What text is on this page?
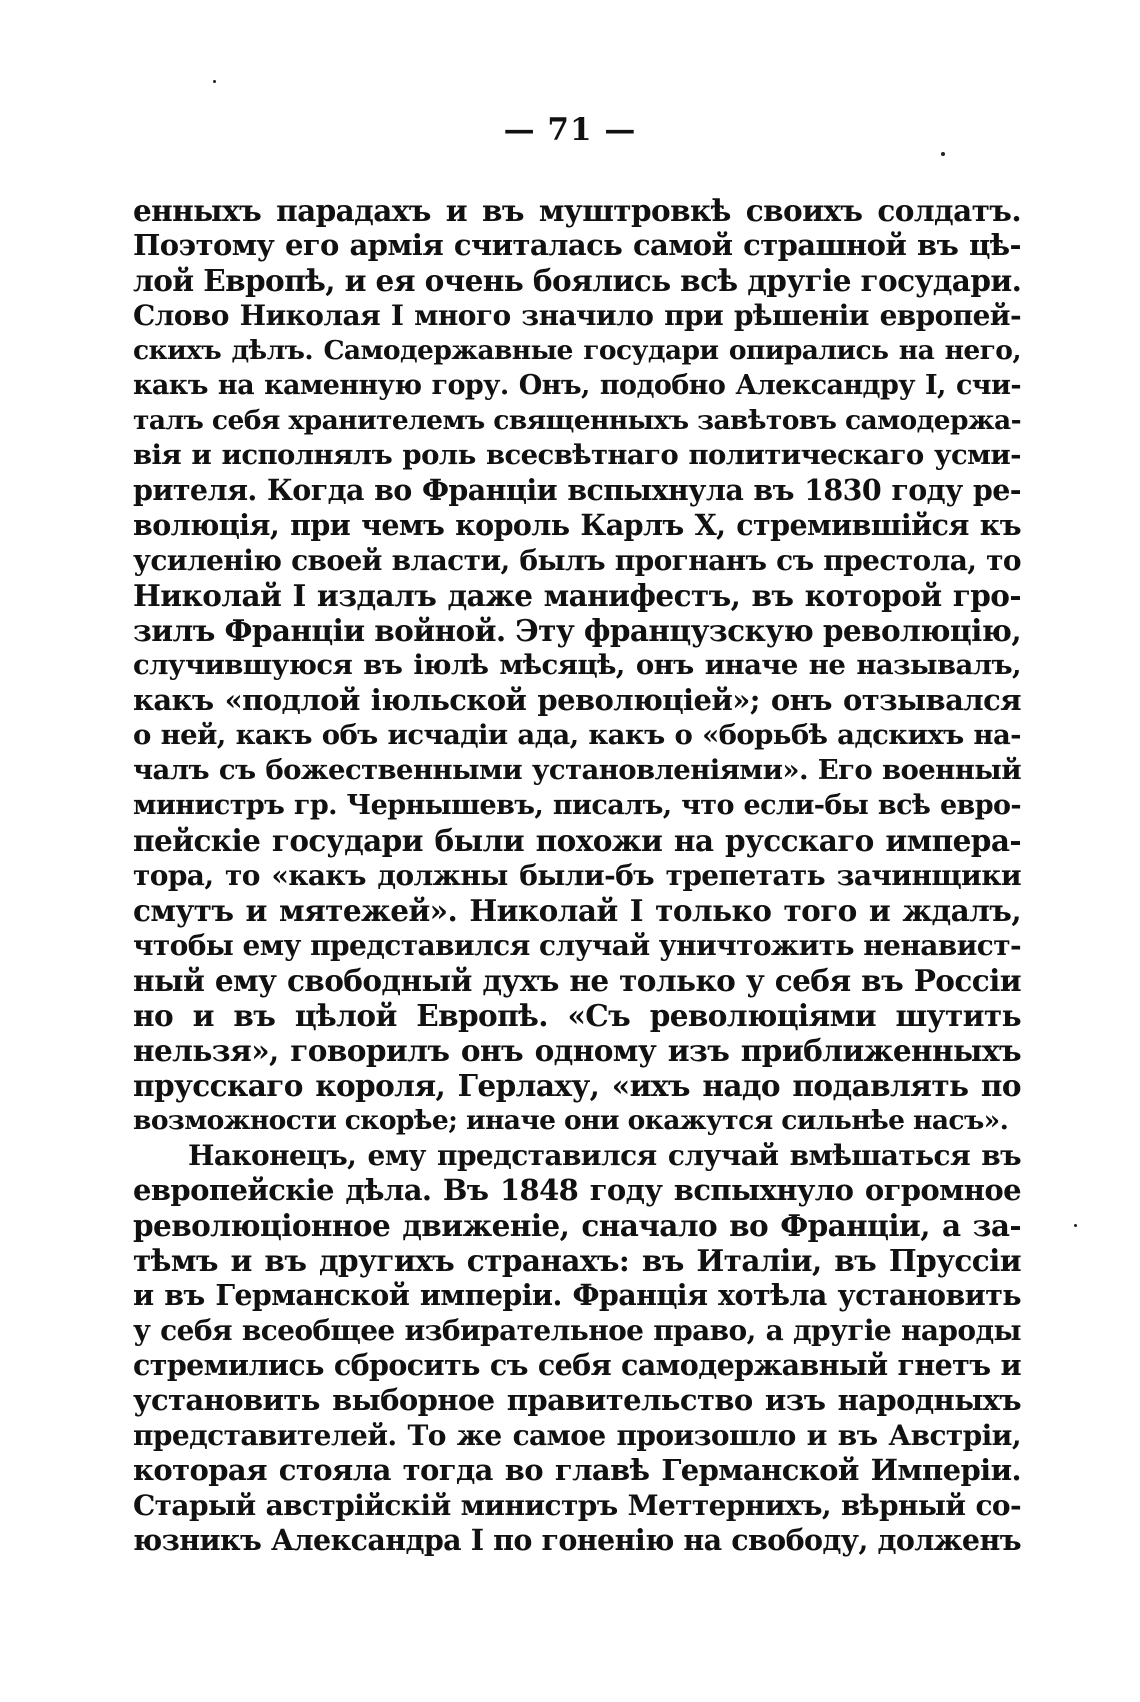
— 71 —
енныхъ парадахъ и въ муштровкѣ своихъ солдатъ.
Поэтому его армія считалась самой страшной въ цѣ-
лой Европѣ, и ея очень боялись всѣ другіе государи.
Слово Николая I много значило при рѣшеніи европей-
скихъ дѣлъ. Самодержавные государи опирались на него,
какъ на каменную гору. Онъ, подобно Александру I, счи-
талъ себя хранителемъ священныхъ завѣтовъ самодержа-
вія и исполнялъ роль всесвѣтнаго политическаго усми-
рителя. Когда во Франціи вспыхнула въ 1830 году ре-
волюція, при чемъ король Карлъ X, стремившійся къ
усиленію своей власти, былъ прогнанъ съ престола, то
Николай I издалъ даже манифестъ, въ которой гро-
зилъ Франціи войной. Эту французскую революцію,
случившуюся въ іюлѣ мѣсяцѣ, онъ иначе не называлъ,
какъ «подлой іюльской революціей»; онъ отзывался
о ней, какъ объ исчадіи ада, какъ о «борьбѣ адскихъ на-
чалъ съ божественными установленіями». Его военный
министръ гр. Чернышевъ, писалъ, что если-бы всѣ евро-
пейскіе государи были похожи на русскаго импера-
тора, то «какъ должны были-бъ трепетать зачинщики
смутъ и мятежей». Николай I только того и ждалъ,
чтобы ему представился случай уничтожить ненавист-
ный ему свободный духъ не только у себя въ Россіи
но и въ цѣлой Европѣ. «Съ революціями шутить
нельзя», говорилъ онъ одному изъ приближенныхъ
прусскаго короля, Герлаху, «ихъ надо подавлять по
возможности скорѣе; иначе они окажутся сильнѣе насъ».
Наконецъ, ему представился случай вмѣшаться въ
европейскіе дѣла. Въ 1848 году вспыхнуло огромное
революціонное движеніе, сначало во Франціи, а за-
тѣмъ и въ другихъ странахъ: въ Италіи, въ Пруссіи
и въ Германской имперіи. Франція хотѣла установить
у себя всеобщее избирательное право, а другіе народы
стремились сбросить съ себя самодержавный гнетъ и
установить выборное правительство изъ народныхъ
представителей. То же самое произошло и въ Австріи,
которая стояла тогда во главѣ Германской Имперіи.
Старый австрійскій министръ Меттернихъ, вѣрный со-
юзникъ Александра I по гоненію на свободу, долженъ
